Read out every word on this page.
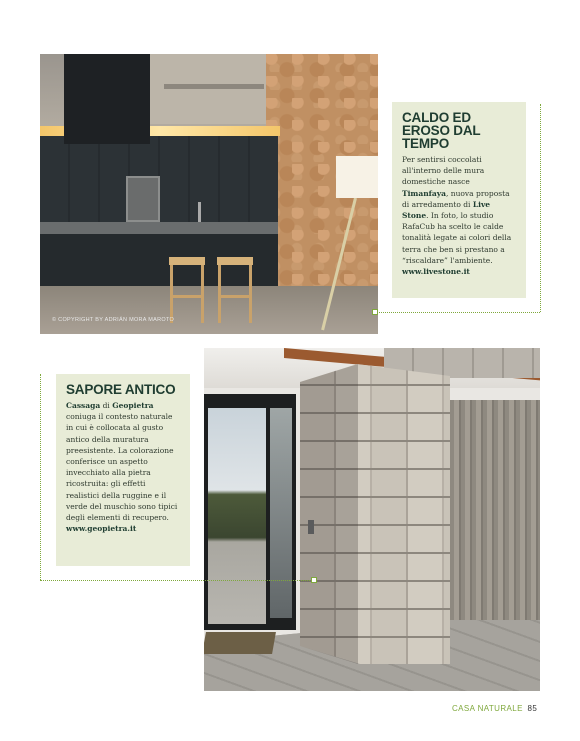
© COPYRIGHT BY ADRIÁN MORA MAROTO
CALDO ED EROSO DAL TEMPO

Per sentirsi coccolati all'interno delle mura domestiche nasce Timanfaya, nuova proposta di arredamento di Live Stone. In foto, lo studio RafaCub ha scelto le calde tonalità legate ai colori della terra che ben si prestano a “riscaldare” l'ambiente.
www.livestone.it

SAPORE ANTICO

Cassaga di Geopietra coniuga il contesto naturale in cui è collocata al gusto antico della muratura preesistente. La colorazione conferisce un aspetto invecchiato alla pietra ricostruita: gli effetti realistici della ruggine e il verde del muschio sono tipici degli elementi di recupero.
www.geopietra.it

CASA NATURALE 85
